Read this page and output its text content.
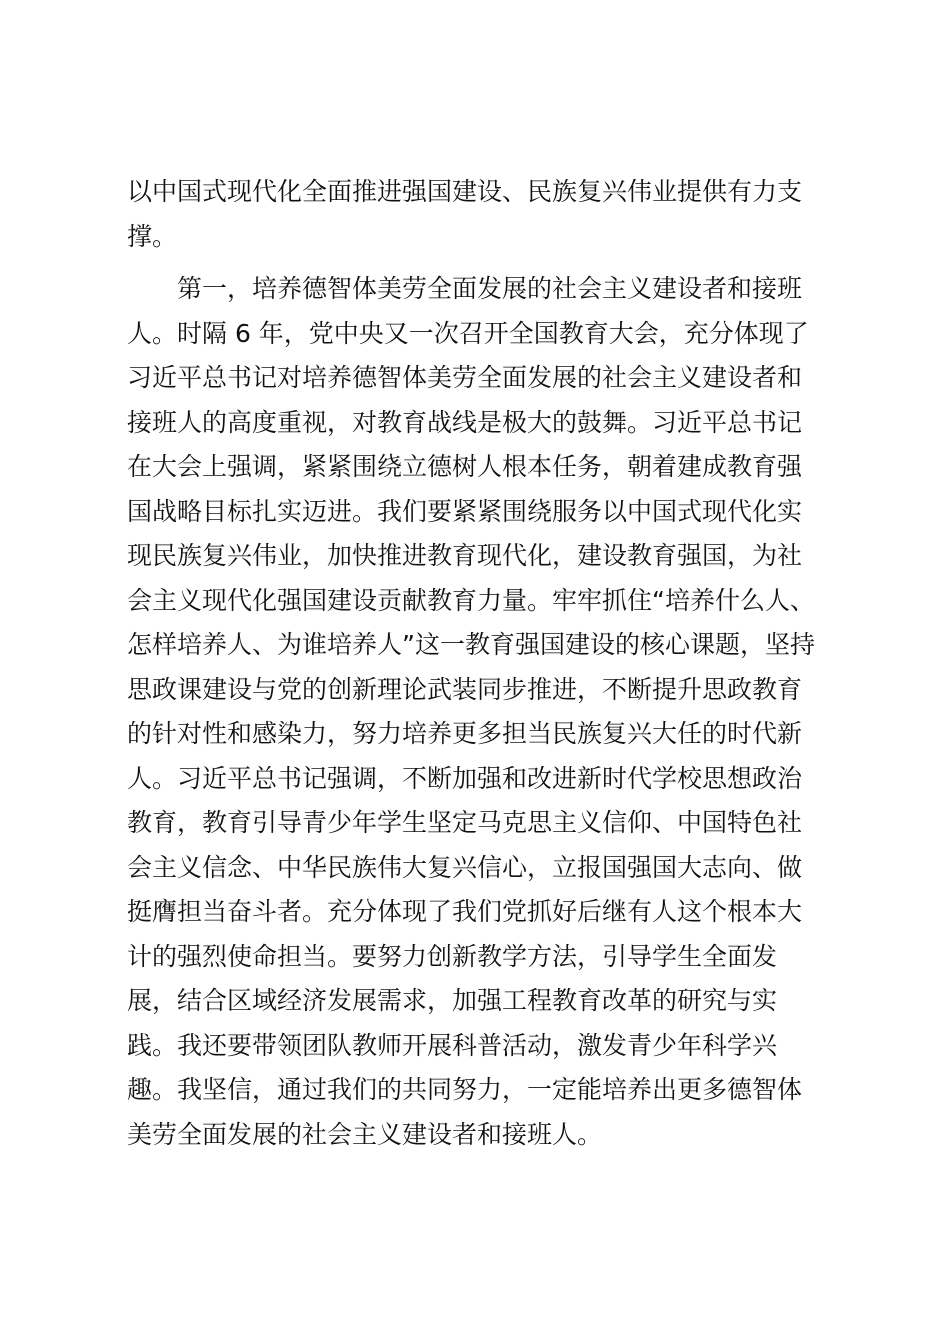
以中国式现代化全面推进强国建设、民族复兴伟业提供有力支
撑。
　　第一，培养德智体美劳全面发展的社会主义建设者和接班
人。时隔 6 年，党中央又一次召开全国教育大会，充分体现了
习近平总书记对培养德智体美劳全面发展的社会主义建设者和
接班人的高度重视，对教育战线是极大的鼓舞。习近平总书记
在大会上强调，紧紧围绕立德树人根本任务，朝着建成教育强
国战略目标扎实迈进。我们要紧紧围绕服务以中国式现代化实
现民族复兴伟业，加快推进教育现代化，建设教育强国，为社
会主义现代化强国建设贡献教育力量。牢牢抓住“培养什么人、
怎样培养人、为谁培养人”这一教育强国建设的核心课题，坚持
思政课建设与党的创新理论武装同步推进，不断提升思政教育
的针对性和感染力，努力培养更多担当民族复兴大任的时代新
人。习近平总书记强调，不断加强和改进新时代学校思想政治
教育，教育引导青少年学生坚定马克思主义信仰、中国特色社
会主义信念、中华民族伟大复兴信心，立报国强国大志向、做
挺膺担当奋斗者。充分体现了我们党抓好后继有人这个根本大
计的强烈使命担当。要努力创新教学方法，引导学生全面发
展，结合区域经济发展需求，加强工程教育改革的研究与实
践。我还要带领团队教师开展科普活动，激发青少年科学兴
趣。我坚信，通过我们的共同努力，一定能培养出更多德智体
美劳全面发展的社会主义建设者和接班人。
